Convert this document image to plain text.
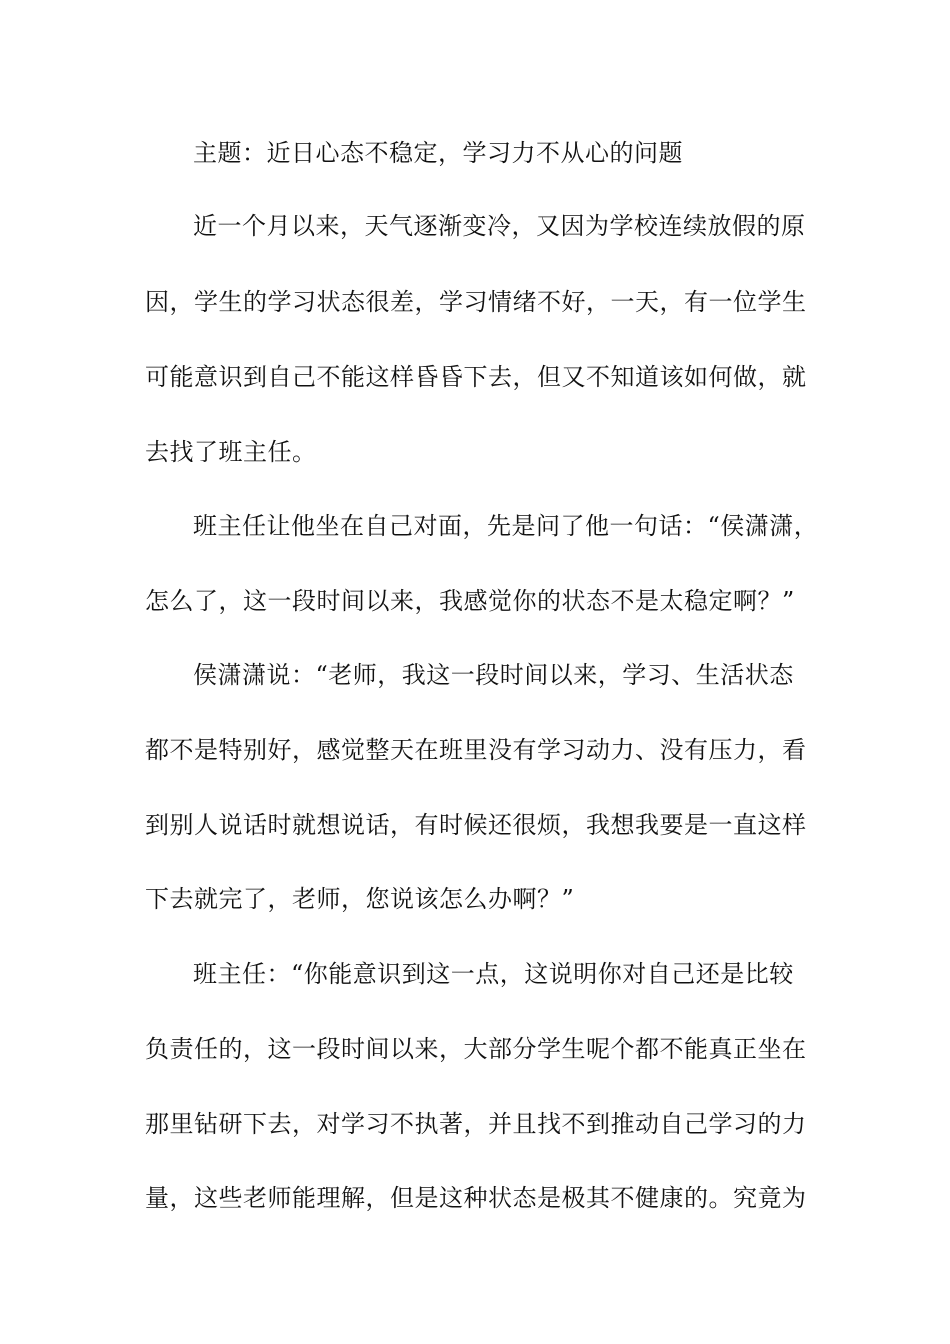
主题：近日心态不稳定，学习力不从心的问题
近一个月以来，天气逐渐变冷，又因为学校连续放假的原
因，学生的学习状态很差，学习情绪不好，一天，有一位学生
可能意识到自己不能这样昏昏下去，但又不知道该如何做，就
去找了班主任。
班主任让他坐在自己对面，先是问了他一句话：“侯潇潇，
怎么了，这一段时间以来，我感觉你的状态不是太稳定啊？”
侯潇潇说：“老师，我这一段时间以来，学习、生活状态
都不是特别好，感觉整天在班里没有学习动力、没有压力，看
到别人说话时就想说话，有时候还很烦，我想我要是一直这样
下去就完了，老师，您说该怎么办啊？”
班主任：“你能意识到这一点，这说明你对自己还是比较
负责任的，这一段时间以来，大部分学生呢个都不能真正坐在
那里钻研下去，对学习不执著，并且找不到推动自己学习的力
量，这些老师能理解，但是这种状态是极其不健康的。究竟为
